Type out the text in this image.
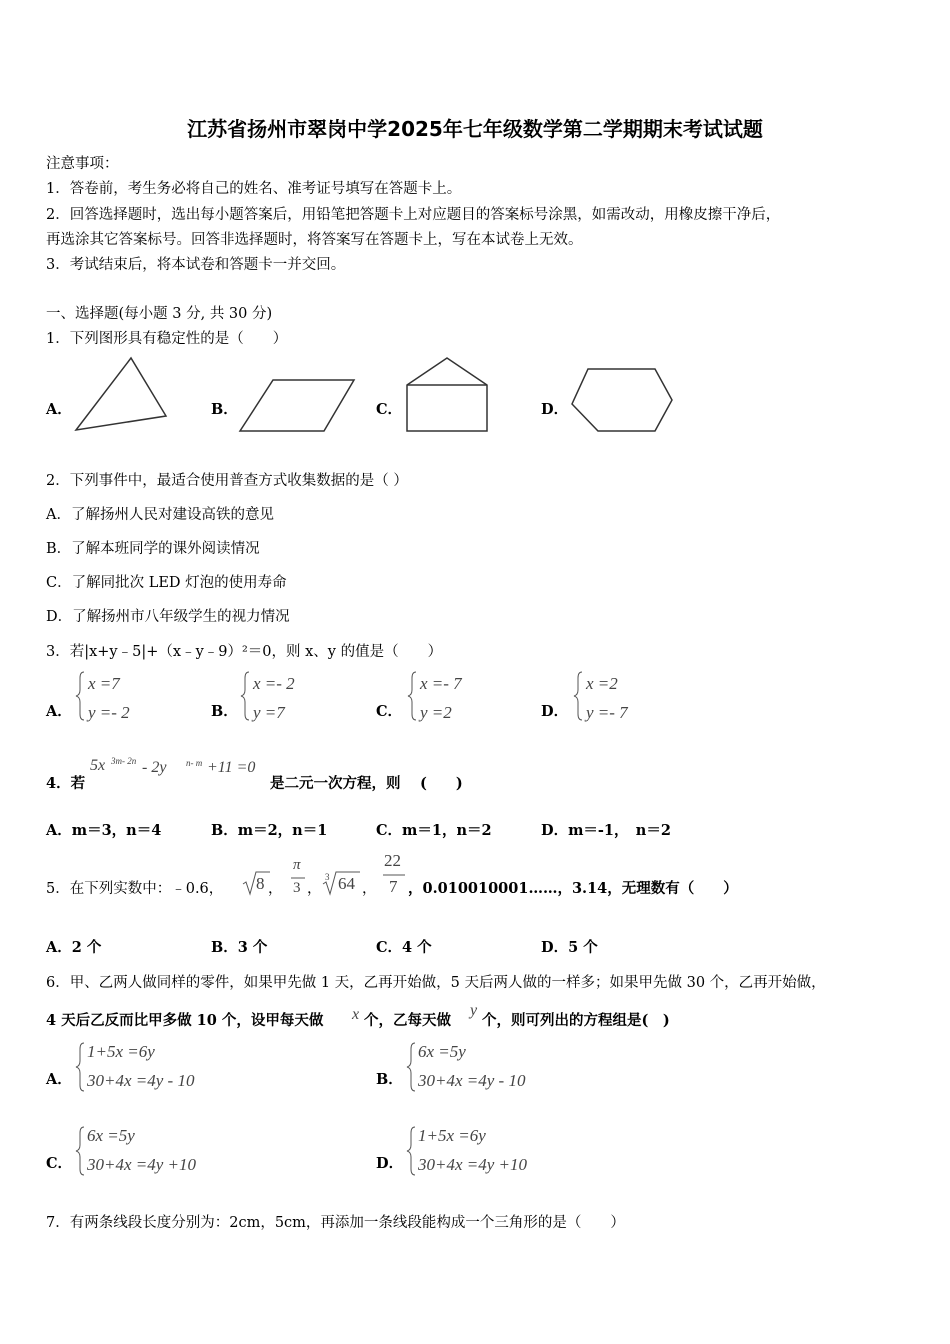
江苏省扬州市翠岗中学2025年七年级数学第二学期期末考试试题
注意事项：
1．答卷前，考生务必将自己的姓名、准考证号填写在答题卡上。
2．回答选择题时，选出每小题答案后，用铅笔把答题卡上对应题目的答案标号涂黑，如需改动，用橡皮擦干净后，
再选涂其它答案标号。回答非选择题时，将答案写在答题卡上，写在本试卷上无效。
3．考试结束后，将本试卷和答题卡一并交回。
一、选择题(每小题 3 分, 共 30 分)
1．下列图形具有稳定性的是（　　）
A．	B．	C．	D．
2．下列事件中，最适合使用普查方式收集数据的是（ ）
A．了解扬州人民对建设高铁的意见
B．了解本班同学的课外阅读情况
C．了解同批次 LED 灯泡的使用寿命
D．了解扬州市八年级学生的视力情况
3．若|x+y﹣5|+（x﹣y﹣9）²＝0，则 x、y 的值是（　　）
A．	B．	C．	D．
x =7
y =- 2
x =- 2
y =7
x =- 7
y =2
x =2
y =- 7
4．若
5x 3m- 2n - 2y n- m +11 =0
是二元一次方程，则 　(　　)
A．m＝3，n＝4	B．m＝2，n＝1	C．m＝1，n＝2	D．m＝-1，　n＝2
5．在下列实数中：﹣0.6， 8 ，
π
3 ，
3 64 ，
22
7 ，0.010010001……，3.14，无理数有（　　）
A．2 个	B．3 个	C．4 个	D．5 个
6．甲、乙两人做同样的零件，如果甲先做 1 天，乙再开始做，5 天后两人做的一样多；如果甲先做 30 个，乙再开始做，
4 天后乙反而比甲多做 10 个，设甲每天做 x 个，乙每天做
y
个，则可列出的方程组是(　)
A．	B．
C．	D．
1+5x =6y
30+4x =4y - 10
6x =5y
30+4x =4y - 10
6x =5y
30+4x =4y +10
1+5x =6y
30+4x =4y +10
7．有两条线段长度分别为：2cm，5cm，再添加一条线段能构成一个三角形的是（　　）
